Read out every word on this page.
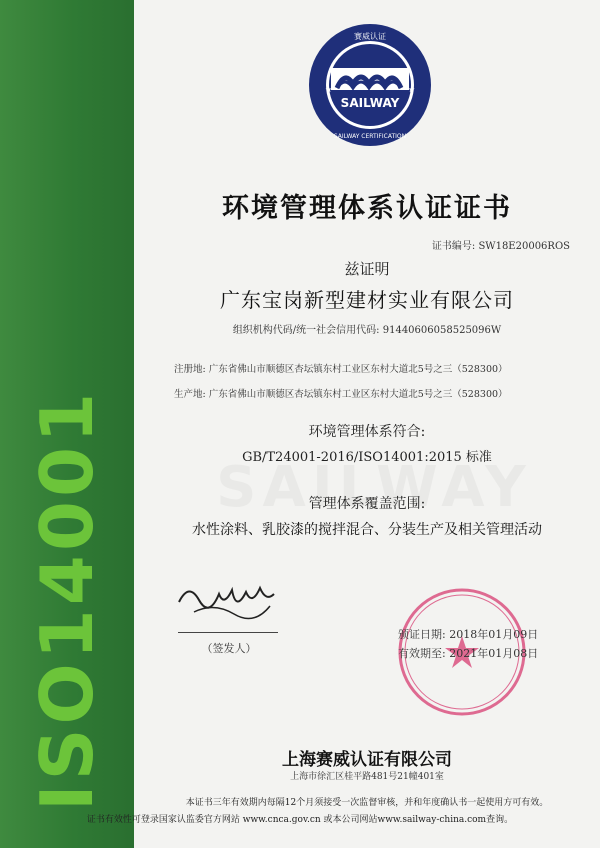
ISO14001
SAILWAY
赛威认证
SAILWAY CERTIFICATION
★	★
环境管理体系认证证书
证书编号: SW18E20006ROS
兹证明
广东宝岗新型建材实业有限公司
组织机构代码/统一社会信用代码: 91440606058525096W
注册地: 广东省佛山市顺德区杏坛镇东村工业区东村大道北5号之三（528300）
生产地: 广东省佛山市顺德区杏坛镇东村工业区东村大道北5号之三（528300）
环境管理体系符合:
GB/T24001-2016/ISO14001:2015 标准
管理体系覆盖范围:
水性涂料、乳胶漆的搅拌混合、分装生产及相关管理活动
（签发人）
颁证日期: 2018年01月09日
有效期至: 2021年01月08日
上海赛威认证有限公司
上海市徐汇区桂平路481号21幢401室
本证书三年有效期内每隔12个月须接受一次监督审核，并和年度确认书一起使用方可有效。
证书有效性可登录国家认监委官方网站 www.cnca.gov.cn 或本公司网站www.sailway-china.com查询。
